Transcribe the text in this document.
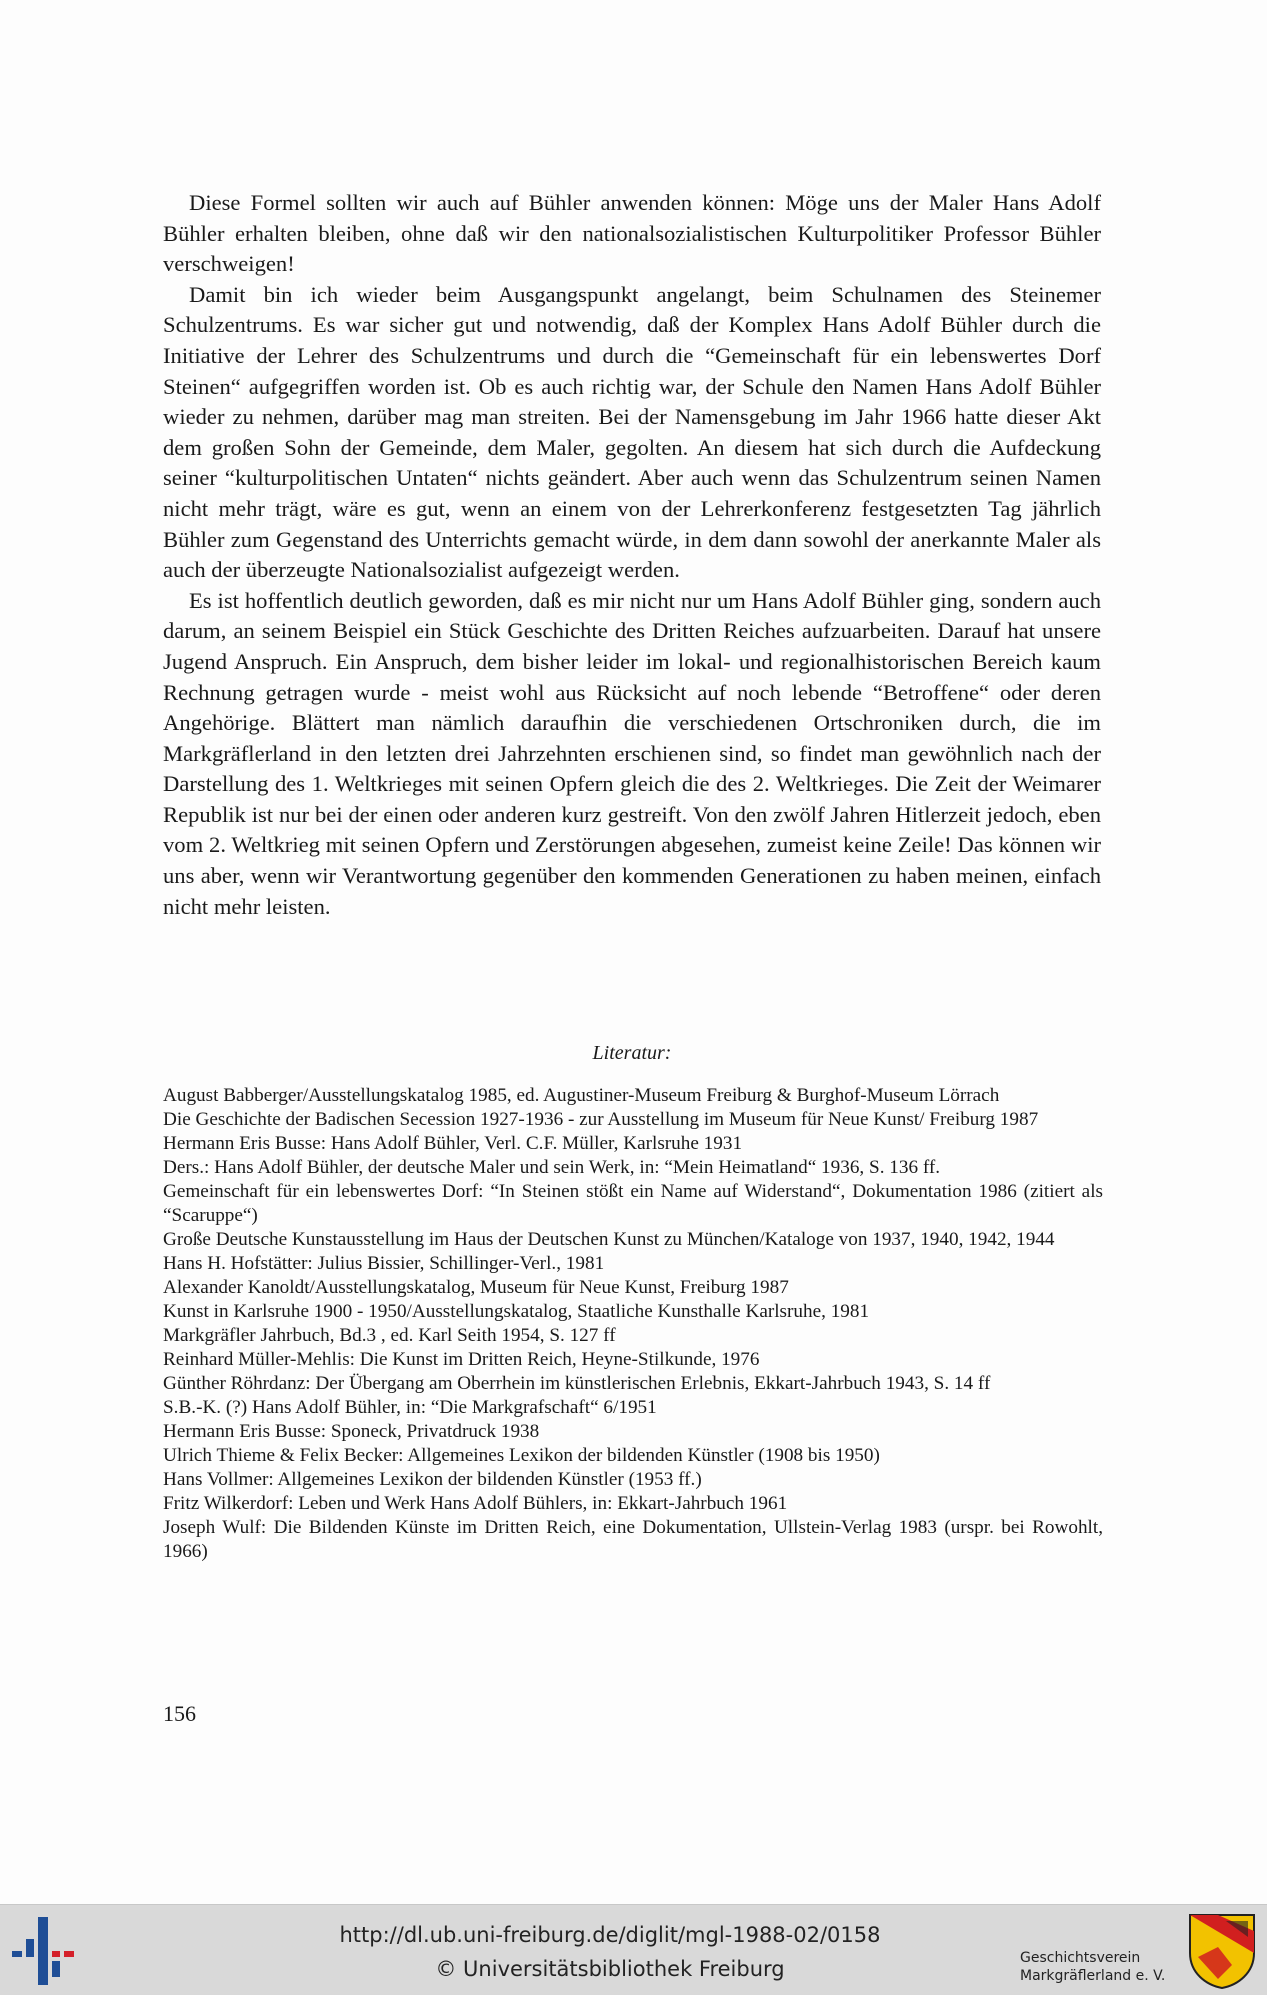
Diese Formel sollten wir auch auf Bühler anwenden können: Möge uns der Maler Hans Adolf Bühler erhalten bleiben, ohne daß wir den nationalsozialistischen Kulturpolitiker Professor Bühler verschweigen!

Damit bin ich wieder beim Ausgangspunkt angelangt, beim Schulnamen des Steinemer Schulzentrums. Es war sicher gut und notwendig, daß der Komplex Hans Adolf Bühler durch die Initiative der Lehrer des Schulzentrums und durch die “Gemeinschaft für ein lebenswertes Dorf Steinen“ aufgegriffen worden ist. Ob es auch richtig war, der Schule den Namen Hans Adolf Bühler wieder zu nehmen, darüber mag man streiten. Bei der Namensgebung im Jahr 1966 hatte dieser Akt dem großen Sohn der Gemeinde, dem Maler, gegolten. An diesem hat sich durch die Aufdeckung seiner “kulturpolitischen Untaten“ nichts geändert. Aber auch wenn das Schulzentrum seinen Namen nicht mehr trägt, wäre es gut, wenn an einem von der Lehrerkonferenz festgesetzten Tag jährlich Bühler zum Gegenstand des Unterrichts gemacht würde, in dem dann sowohl der anerkannte Maler als auch der überzeugte Nationalsozialist aufgezeigt werden.

Es ist hoffentlich deutlich geworden, daß es mir nicht nur um Hans Adolf Bühler ging, sondern auch darum, an seinem Beispiel ein Stück Geschichte des Dritten Reiches aufzuarbeiten. Darauf hat unsere Jugend Anspruch. Ein Anspruch, dem bisher leider im lokal- und regionalhistorischen Bereich kaum Rechnung getragen wurde - meist wohl aus Rücksicht auf noch lebende “Betroffene“ oder deren Angehörige. Blättert man nämlich daraufhin die verschiedenen Ortschroniken durch, die im Markgräflerland in den letzten drei Jahrzehnten erschienen sind, so findet man gewöhnlich nach der Darstellung des 1. Weltkrieges mit seinen Opfern gleich die des 2. Weltkrieges. Die Zeit der Weimarer Republik ist nur bei der einen oder anderen kurz gestreift. Von den zwölf Jahren Hitlerzeit jedoch, eben vom 2. Weltkrieg mit seinen Opfern und Zerstörungen abgesehen, zumeist keine Zeile! Das können wir uns aber, wenn wir Verantwortung gegenüber den kommenden Generationen zu haben meinen, einfach nicht mehr leisten.

Literatur:
August Babberger/Ausstellungskatalog 1985, ed. Augustiner-Museum Freiburg & Burghof-Museum Lörrach
Die Geschichte der Badischen Secession 1927-1936 - zur Ausstellung im Museum für Neue Kunst/ Freiburg 1987
Hermann Eris Busse: Hans Adolf Bühler, Verl. C.F. Müller, Karlsruhe 1931
Ders.: Hans Adolf Bühler, der deutsche Maler und sein Werk, in: “Mein Heimatland“ 1936, S. 136 ff.
Gemeinschaft für ein lebenswertes Dorf: “In Steinen stößt ein Name auf Widerstand“, Dokumentation 1986 (zitiert als “Scaruppe“)
Große Deutsche Kunstausstellung im Haus der Deutschen Kunst zu München/Kataloge von 1937, 1940, 1942, 1944
Hans H. Hofstätter: Julius Bissier, Schillinger-Verl., 1981
Alexander Kanoldt/Ausstellungskatalog, Museum für Neue Kunst, Freiburg 1987
Kunst in Karlsruhe 1900 - 1950/Ausstellungskatalog, Staatliche Kunsthalle Karlsruhe, 1981
Markgräfler Jahrbuch, Bd.3 , ed. Karl Seith 1954, S. 127 ff
Reinhard Müller-Mehlis: Die Kunst im Dritten Reich, Heyne-Stilkunde, 1976
Günther Röhrdanz: Der Übergang am Oberrhein im künstlerischen Erlebnis, Ekkart-Jahrbuch 1943, S. 14 ff
S.B.-K. (?) Hans Adolf Bühler, in: “Die Markgrafschaft“ 6/1951
Hermann Eris Busse: Sponeck, Privatdruck 1938
Ulrich Thieme & Felix Becker: Allgemeines Lexikon der bildenden Künstler (1908 bis 1950)
Hans Vollmer: Allgemeines Lexikon der bildenden Künstler (1953 ff.)
Fritz Wilkerdorf: Leben und Werk Hans Adolf Bühlers, in: Ekkart-Jahrbuch 1961
Joseph Wulf: Die Bildenden Künste im Dritten Reich, eine Dokumentation, Ullstein-Verlag 1983 (urspr. bei Rowohlt, 1966)
156
http://dl.ub.uni-freiburg.de/diglit/mgl-1988-02/0158
© Universitätsbibliothek Freiburg	Geschichtsverein
Markgräflerland e. V.
